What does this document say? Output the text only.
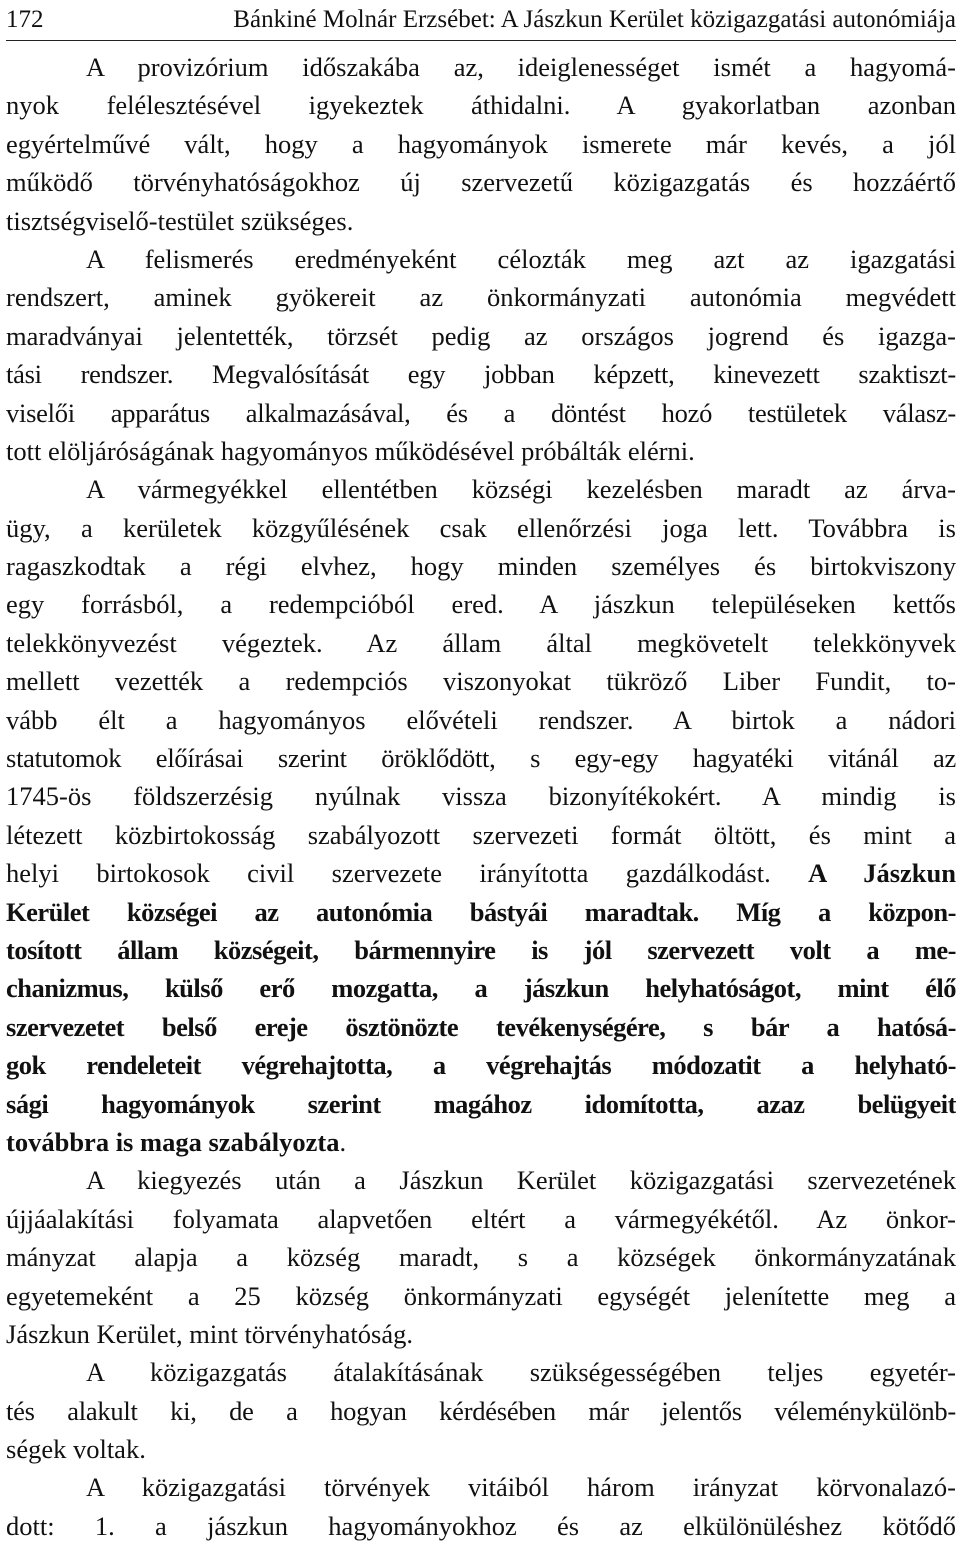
172	Bánkiné Molnár Erzsébet: A Jászkun Kerület közigazgatási autonómiája
A provizórium időszakába az, ideiglenességet ismét a hagyomá-
nyok felélesztésével igyekeztek áthidalni. A gyakorlatban azonban
egyértelművé vált, hogy a hagyományok ismerete már kevés, a jól
működő törvényhatóságokhoz új szervezetű közigazgatás és hozzáértő
tisztségviselő-testület szükséges.
A felismerés eredményeként célozták meg azt az igazgatási
rendszert, aminek gyökereit az önkormányzati autonómia megvédett
maradványai jelentették, törzsét pedig az országos jogrend és igazga-
tási rendszer. Megvalósítását egy jobban képzett, kinevezett szaktiszt-
viselői apparátus alkalmazásával, és a döntést hozó testületek válasz-
tott elöljáróságának hagyományos működésével próbálták elérni.
A vármegyékkel ellentétben községi kezelésben maradt az árva-
ügy, a kerületek közgyűlésének csak ellenőrzési joga lett. Továbbra is
ragaszkodtak a régi elvhez, hogy minden személyes és birtokviszony
egy forrásból, a redempcióból ered. A jászkun településeken kettős
telekkönyvezést végeztek. Az állam által megkövetelt telekkönyvek
mellett vezették a redempciós viszonyokat tükröző Liber Fundit, to-
vább élt a hagyományos elővételi rendszer. A birtok a nádori
statutomok előírásai szerint öröklődött, s egy-egy hagyatéki vitánál az
1745-ös földszerzésig nyúlnak vissza bizonyítékokért. A mindig is
létezett közbirtokosság szabályozott szervezeti formát öltött, és mint a
helyi birtokosok civil szervezete irányította gazdálkodást. A Jászkun
Kerület községei az autonómia bástyái maradtak. Míg a közpon-
tosított állam községeit, bármennyire is jól szervezett volt a me-
chanizmus, külső erő mozgatta, a jászkun helyhatóságot, mint élő
szervezetet belső ereje ösztönözte tevékenységére, s bár a hatósá-
gok rendeleteit végrehajtotta, a végrehajtás módozatit a helyható-
sági hagyományok szerint magához idomította, azaz belügyeit
továbbra is maga szabályozta.
A kiegyezés után a Jászkun Kerület közigazgatási szervezetének
újjáalakítási folyamata alapvetően eltért a vármegyékétől. Az önkor-
mányzat alapja a község maradt, s a községek önkormányzatának
egyetemeként a 25 község önkormányzati egységét jelenítette meg a
Jászkun Kerület, mint törvényhatóság.
A közigazgatás átalakításának szükségességében teljes egyetér-
tés alakult ki, de a hogyan kérdésében már jelentős véleménykülönb-
ségek voltak.
A közigazgatási törvények vitáiból három irányzat körvonalazó-
dott: 1. a jászkun hagyományokhoz és az elkülönüléshez kötődő
